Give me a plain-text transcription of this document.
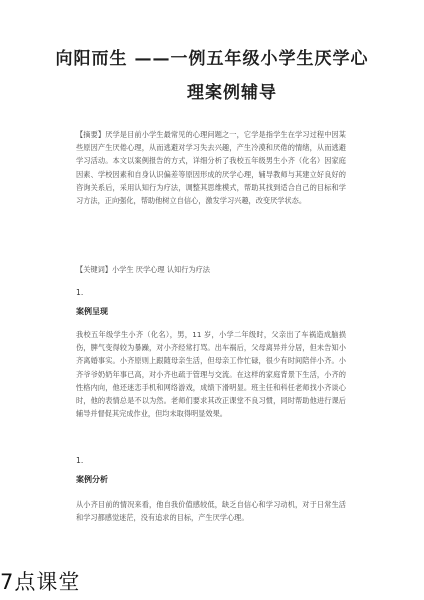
向阳而生 ——一例五年级小学生厌学心
理案例辅导

【摘要】厌学是目前小学生最常见的心理问题之一，它学是指学生在学习过程中因某些原因产生厌倦心理，从而逃避对学习失去兴趣，产生冷漠和厌倦的情绪，从而逃避学习活动。本文以案例报告的方式，详细分析了我校五年级男生小齐（化名）因家庭因素、学校因素和自身认识偏差等原因形成的厌学心理，辅导教师与其建立好良好的咨询关系后，采用认知行为疗法，调整其思维模式，帮助其找到适合自己的目标和学习方法，正向强化，帮助他树立自信心，激发学习兴趣，改变厌学状态。

【关键词】小学生 厌学心理 认知行为疗法

1.
案例呈现

我校五年级学生小齐（化名），男，11 岁，小学二年级时，父亲出了车祸造成脑损伤，脾气变得较为暴躁，对小齐经常打骂。出车祸后，父母离异并分居，但未告知小齐离婚事实。小齐原则上跟随母亲生活，但母亲工作忙碌，很少有时间陪伴小齐。小齐爷爷奶奶年事已高，对小齐也疏于管理与交流。在这样的家庭背景下生活，小齐的性格内向，他还迷恋手机和网络游戏，成绩下滑明显。班主任和科任老师找小齐谈心时，他的表情总是不以为然。老师们要求其改正课堂不良习惯，同时帮助他进行课后辅导并督促其完成作业，但均未取得明显效果。

1.
案例分析

从小齐目前的情况来看，他自我价值感较低，缺乏自信心和学习动机，对于日常生活和学习都感觉迷茫，没有追求的目标，产生厌学心理。

7点课堂
